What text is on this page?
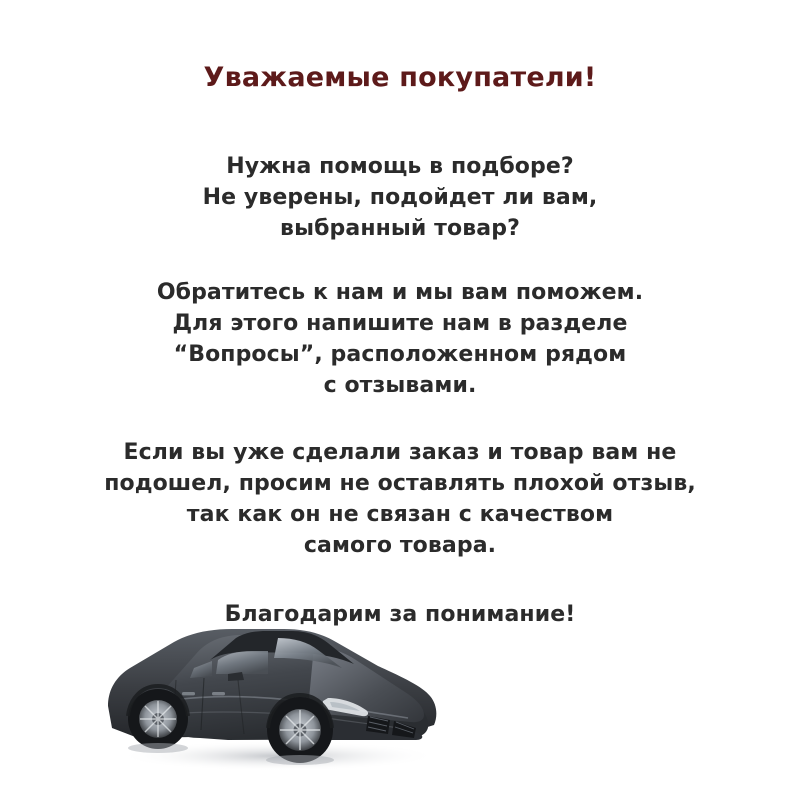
Уважаемые покупатели!
Нужна помощь в подборе?
Не уверены, подойдет ли вам,
выбранный товар?
Обратитесь к нам и мы вам поможем.
Для этого напишите нам в разделе
“Вопросы”, расположенном рядом
с отзывами.
Если вы уже сделали заказ и товар вам не
подошел, просим не оставлять плохой отзыв,
так как он не связан с качеством
самого товара.
Благодарим за понимание!
